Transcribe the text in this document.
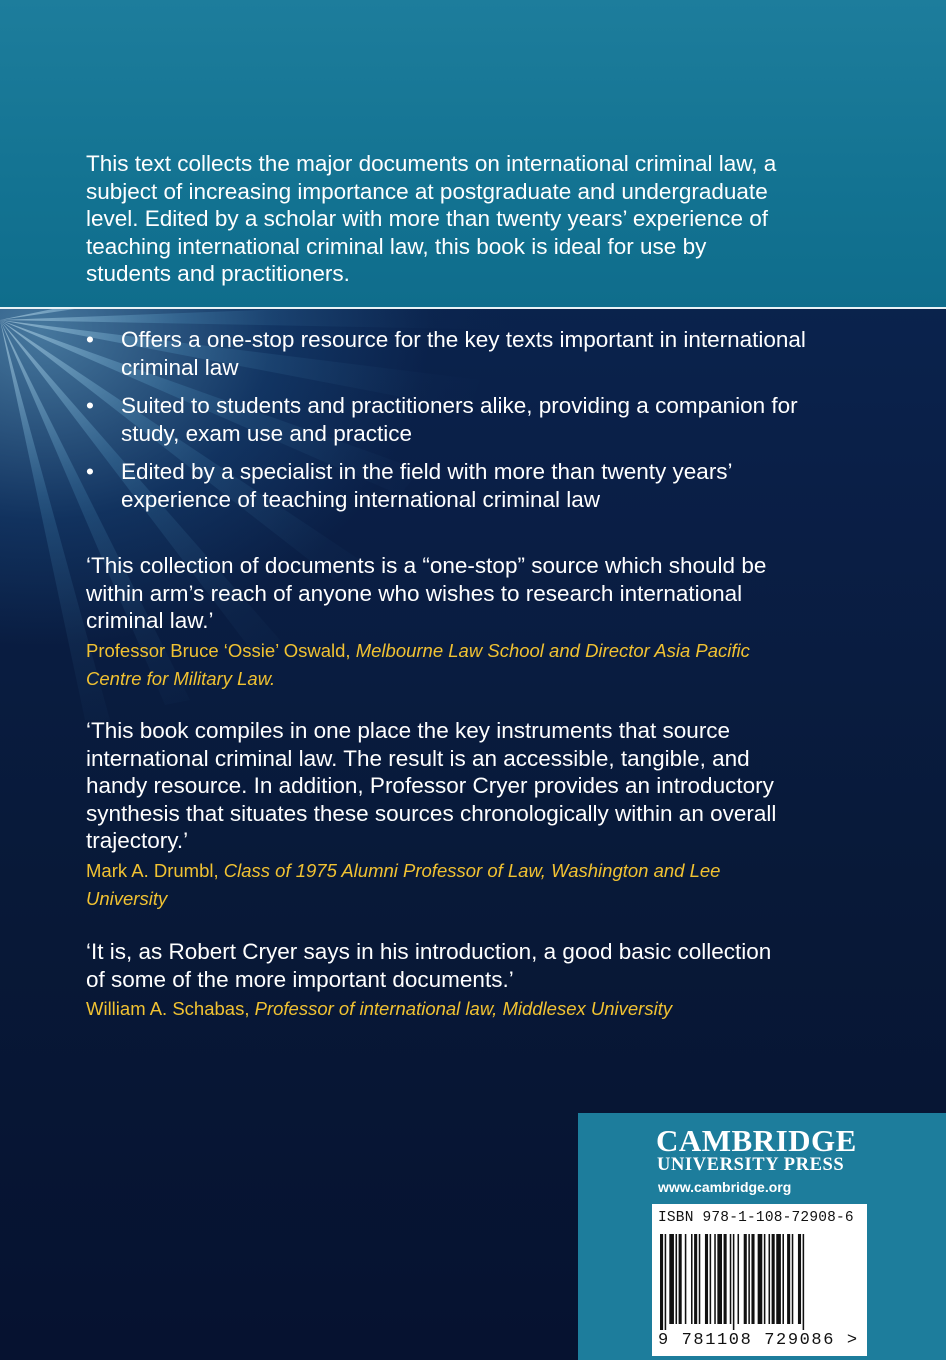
This text collects the major documents on international criminal law, a subject of increasing importance at postgraduate and undergraduate level. Edited by a scholar with more than twenty years’ experience of teaching international criminal law, this book is ideal for use by students and practitioners.

• Offers a one-stop resource for the key texts important in international criminal law
• Suited to students and practitioners alike, providing a companion for study, exam use and practice
• Edited by a specialist in the field with more than twenty years’ experience of teaching international criminal law

‘This collection of documents is a “one-stop” source which should be within arm’s reach of anyone who wishes to research international criminal law.’

Professor Bruce ‘Ossie’ Oswald, Melbourne Law School and Director Asia Pacific Centre for Military Law.

‘This book compiles in one place the key instruments that source international criminal law. The result is an accessible, tangible, and handy resource. In addition, Professor Cryer provides an introductory synthesis that situates these sources chronologically within an overall trajectory.’

Mark A. Drumbl, Class of 1975 Alumni Professor of Law, Washington and Lee University

‘It is, as Robert Cryer says in his introduction, a good basic collection of some of the more important documents.’

William A. Schabas, Professor of international law, Middlesex University

CAMBRIDGE
UNIVERSITY PRESS
www.cambridge.org
ISBN 978-1-108-72908-6
9 781108 729086 >
